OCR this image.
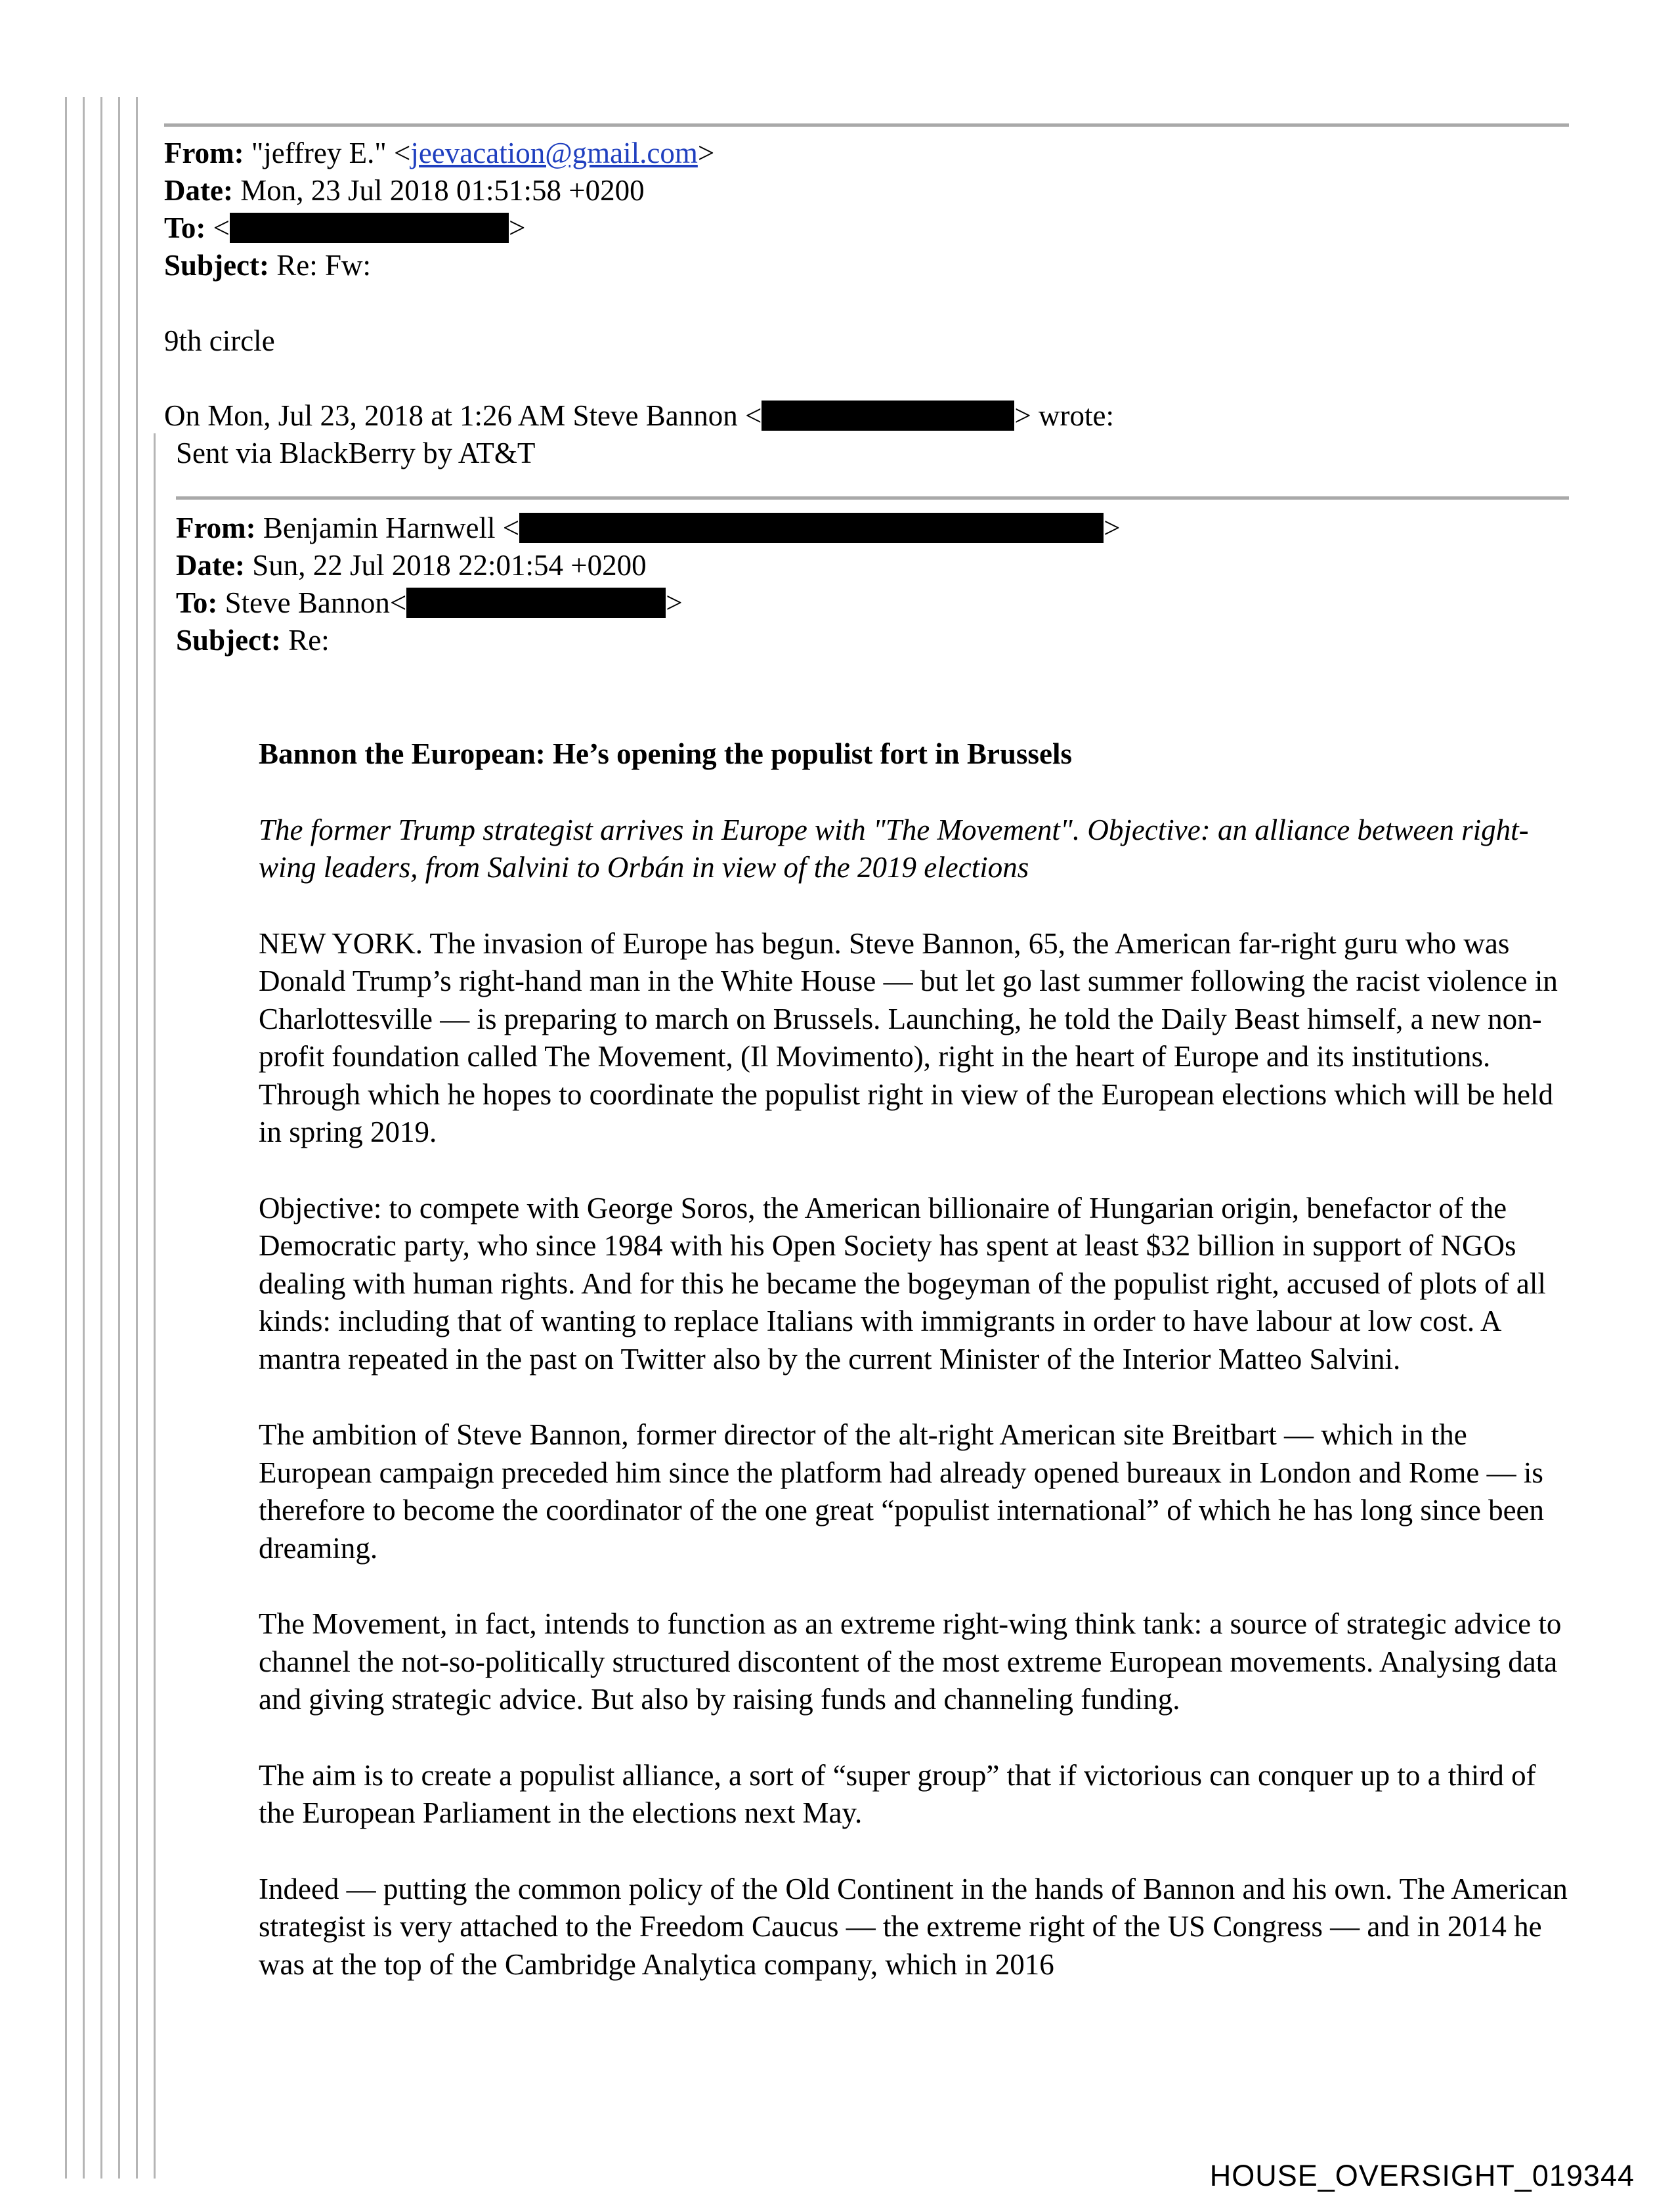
From: "jeffrey E." <jeevacation@gmail.com>
Date: Mon, 23 Jul 2018 01:51:58 +0200
To: <	>
Subject: Re: Fw:
9th circle
On Mon, Jul 23, 2018 at 1:26 AM Steve Bannon <	> wrote:
Sent via BlackBerry by AT&T
From: Benjamin Harnwell <	>
Date: Sun, 22 Jul 2018 22:01:54 +0200
To: Steve Bannon<	>
Subject: Re:

Bannon the European: He’s opening the populist fort in Brussels

The former Trump strategist arrives in Europe with "The Movement". Objective: an alliance between right-wing leaders, from Salvini to Orbán in view of the 2019 elections

NEW YORK. The invasion of Europe has begun. Steve Bannon, 65, the American far-right guru who was Donald Trump’s right-hand man in the White House — but let go last summer following the racist violence in Charlottesville — is preparing to march on Brussels. Launching, he told the Daily Beast himself, a new non-profit foundation called The Movement, (Il Movimento), right in the heart of Europe and its institutions. Through which he hopes to coordinate the populist right in view of the European elections which will be held in spring 2019.

Objective: to compete with George Soros, the American billionaire of Hungarian origin, benefactor of the Democratic party, who since 1984 with his Open Society has spent at least $32 billion in support of NGOs dealing with human rights. And for this he became the bogeyman of the populist right, accused of plots of all kinds: including that of wanting to replace Italians with immigrants in order to have labour at low cost. A mantra repeated in the past on Twitter also by the current Minister of the Interior Matteo Salvini.

The ambition of Steve Bannon, former director of the alt-right American site Breitbart — which in the European campaign preceded him since the platform had already opened bureaux in London and Rome — is therefore to become the coordinator of the one great “populist international” of which he has long since been dreaming.

The Movement, in fact, intends to function as an extreme right-wing think tank: a source of strategic advice to channel the not-so-politically structured discontent of the most extreme European movements. Analysing data and giving strategic advice. But also by raising funds and channeling funding.

The aim is to create a populist alliance, a sort of “super group” that if victorious can conquer up to a third of the European Parliament in the elections next May.

Indeed — putting the common policy of the Old Continent in the hands of Bannon and his own. The American strategist is very attached to the Freedom Caucus — the extreme right of the US Congress — and in 2014 he was at the top of the Cambridge Analytica company, which in 2016

HOUSE_OVERSIGHT_019344
